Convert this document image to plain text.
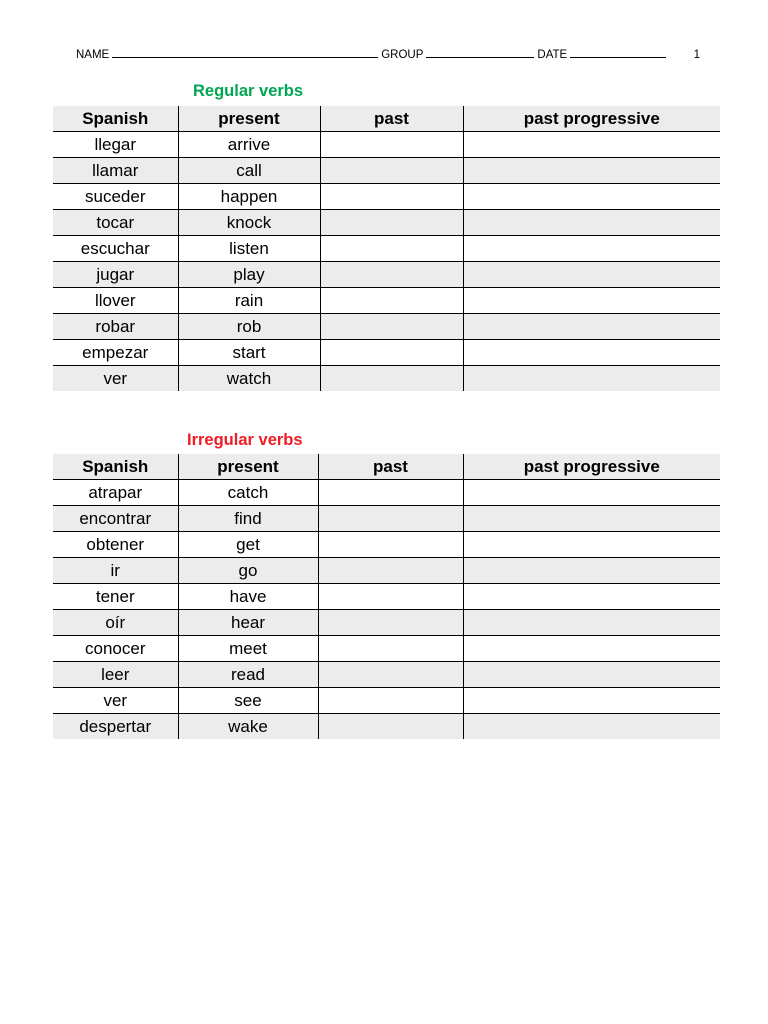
NAME	GROUP	DATE	1
Regular verbs
Spanish	present	past	past progressive
llegar	arrive		
llamar	call		
suceder	happen		
tocar	knock		
escuchar	listen		
jugar	play		
llover	rain		
robar	rob		
empezar	start		
ver	watch		
Irregular verbs
Spanish	present	past	past progressive
atrapar	catch		
encontrar	find		
obtener	get		
ir	go		
tener	have		
oír	hear		
conocer	meet		
leer	read		
ver	see		
despertar	wake		
